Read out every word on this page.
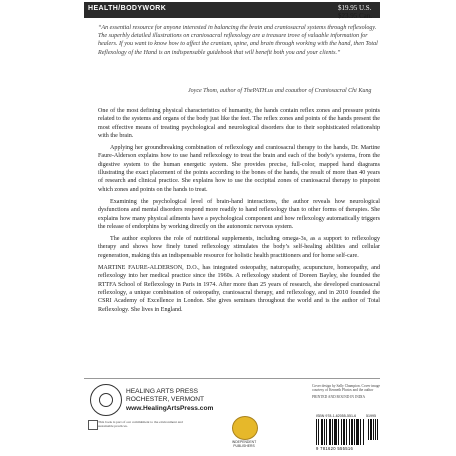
HEALTH/BODYWORK	$19.95 U.S.
$23.95 Can.
“An essential resource for anyone interested in balancing the brain and craniosacral systems through reflexology. The superbly detailed illustrations on craniosacral reflexology are a treasure trove of valuable information for healers. If you want to know how to affect the cranium, spine, and brain through working with the hand, then Total Reflexology of the Hand is an indispensable guidebook that will benefit both you and your clients.”
Joyce Thom, author of ThePATH.us and coauthor of Craniosacral Chi Kung

One of the most defining physical characteristics of humanity, the hands contain reflex zones and pressure points related to the systems and organs of the body just like the feet. The reflex zones and points of the hands present the most effective means of treating psychological and neurological disorders due to their sophisticated relationship with the brain.

Applying her groundbreaking combination of reflexology and craniosacral therapy to the hands, Dr. Martine Faure-Alderson explains how to use hand reflexology to treat the brain and each of the body’s systems, from the digestive system to the human energetic system. She provides precise, full-color, mapped hand diagrams illustrating the exact placement of the points according to the bones of the hands, the result of more than 40 years of research and clinical practice. She explains how to use the occipital zones of craniosacral therapy to pinpoint which zones and points on the hands to treat.

Examining the psychological level of brain-hand interactions, the author reveals how neurological dysfunctions and mental disorders respond more readily to hand reflexology than to other forms of therapies. She explains how many physical ailments have a psychological component and how reflexology automatically triggers the release of endorphins by working directly on the autonomic nervous system.

The author explores the role of nutritional supplements, including omega-3s, as a support to reflexology therapy and shows how finely tuned reflexology stimulates the body’s self-healing abilities and cellular regeneration, making this an indispensable resource for holistic health practitioners and for home self-care.

MARTINE FAURE-ALDERSON, D.O., has integrated osteopathy, naturopathy, acupuncture, homeopathy, and reflexology into her medical practice since the 1960s. A reflexology student of Doreen Bayley, she founded the RTTFA School of Reflexology in Paris in 1974. After more than 25 years of research, she developed craniosacral reflexology, a unique combination of osteopathy, craniosacral therapy, and reflexology, and in 2010 founded the CSRI Academy of Excellence in London. She gives seminars throughout the world and is the author of Total Reflexology. She lives in England.

HEALING ARTS PRESS
ROCHESTER, VERMONT
www.HealingArtsPress.com
Cover design by Sally Champion. Cover image courtesy of Kenneth Photos and the author
PRINTED AND BOUND IN INDIA
This book is part of our commitment to the environment and sustainable practices.
INDEPENDENT PUBLISHERS
ISBN 978-1-62055-551-6	51995
9 781620 555516
